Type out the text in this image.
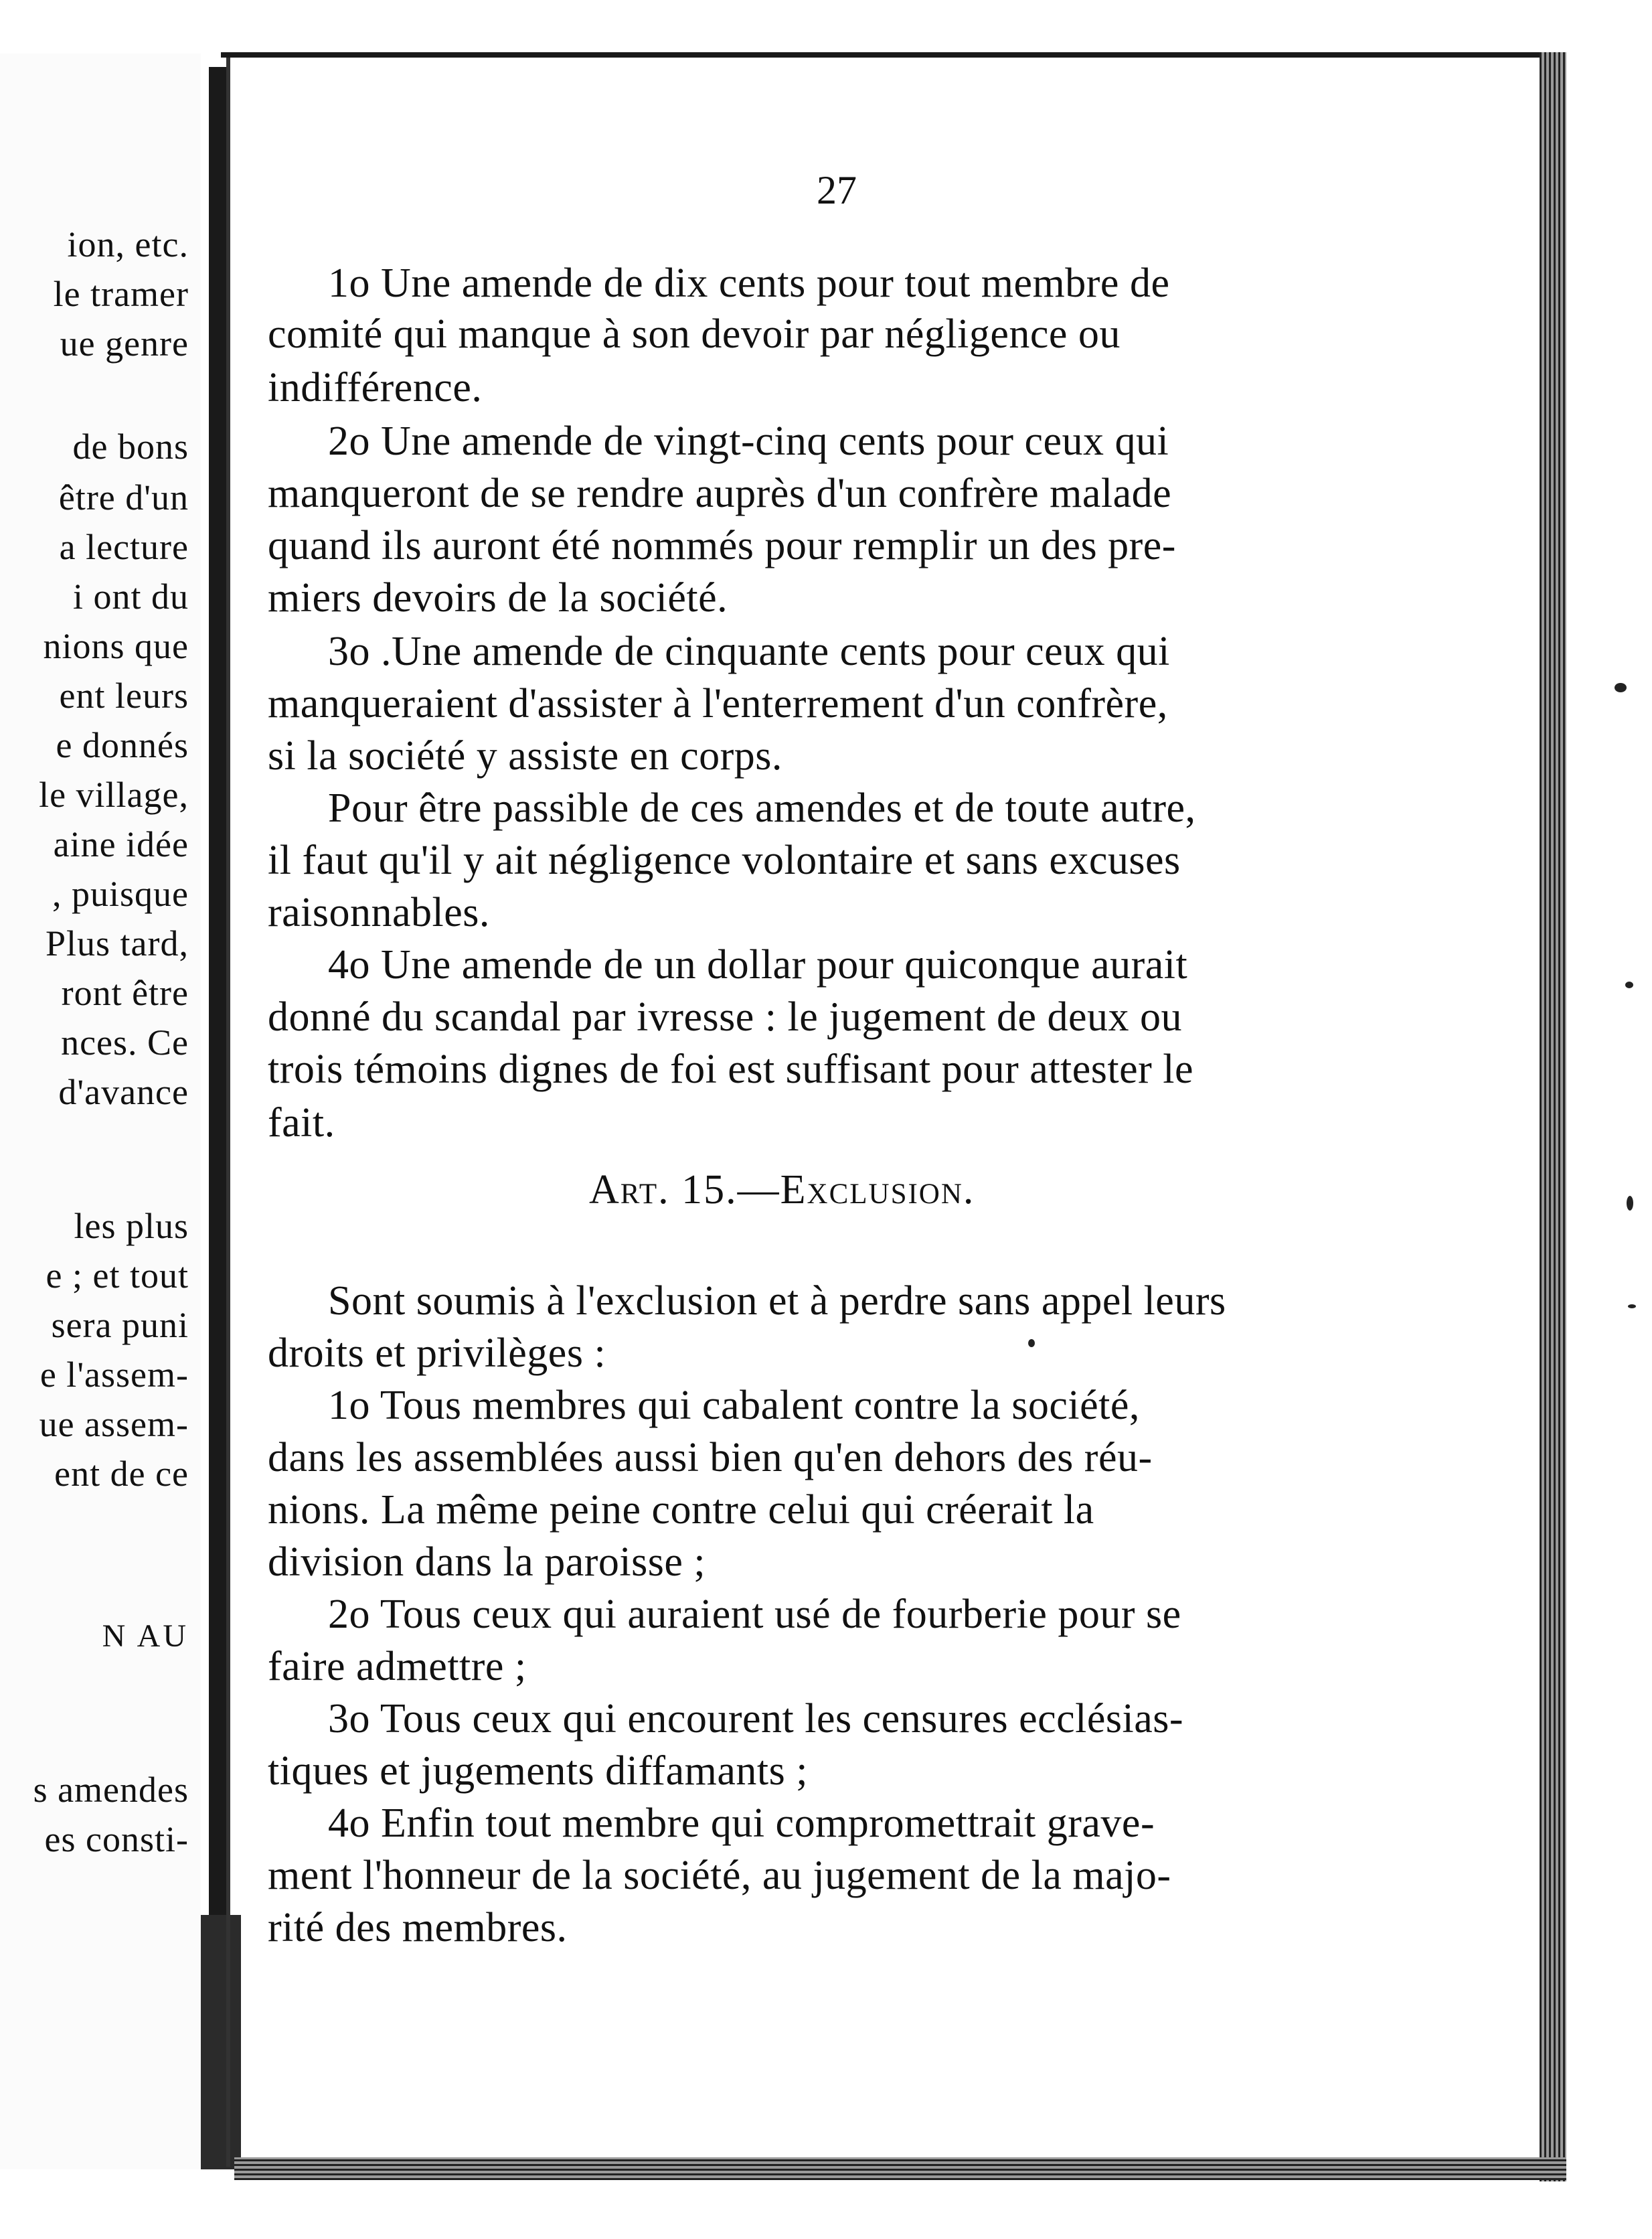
ion, etc.
le tramer
ue genre
de bons
être d'un
a lecture
i ont du
nions que
ent leurs
e donnés
le village,
aine idée
, puisque
Plus tard,
ront être
nces. Ce
d'avance
les plus
e ; et tout
sera puni
e l'assem-
ue assem-
ent de ce
N AU
s amendes
es consti-
27
1o Une amende de dix cents pour tout membre de
comité qui manque à son devoir par négligence ou
indifférence.
2o Une amende de vingt-cinq cents pour ceux qui
manqueront de se rendre auprès d'un confrère malade
quand ils auront été nommés pour remplir un des pre-
miers devoirs de la société.
3o .Une amende de cinquante cents pour ceux qui
manqueraient d'assister à l'enterrement d'un confrère,
si la société y assiste en corps.
Pour être passible de ces amendes et de toute autre,
il faut qu'il y ait négligence volontaire et sans excuses
raisonnables.
4o Une amende de un dollar pour quiconque aurait
donné du scandal par ivresse : le jugement de deux ou
trois témoins dignes de foi est suffisant pour attester le
fait.
Art. 15.—Exclusion.
Sont soumis à l'exclusion et à perdre sans appel leurs
droits et privilèges :
1o Tous membres qui cabalent contre la société,
dans les assemblées aussi bien qu'en dehors des réu-
nions. La même peine contre celui qui créerait la
division dans la paroisse ;
2o Tous ceux qui auraient usé de fourberie pour se
faire admettre ;
3o Tous ceux qui encourent les censures ecclésias-
tiques et jugements diffamants ;
4o Enfin tout membre qui compromettrait grave-
ment l'honneur de la société, au jugement de la majo-
rité des membres.
